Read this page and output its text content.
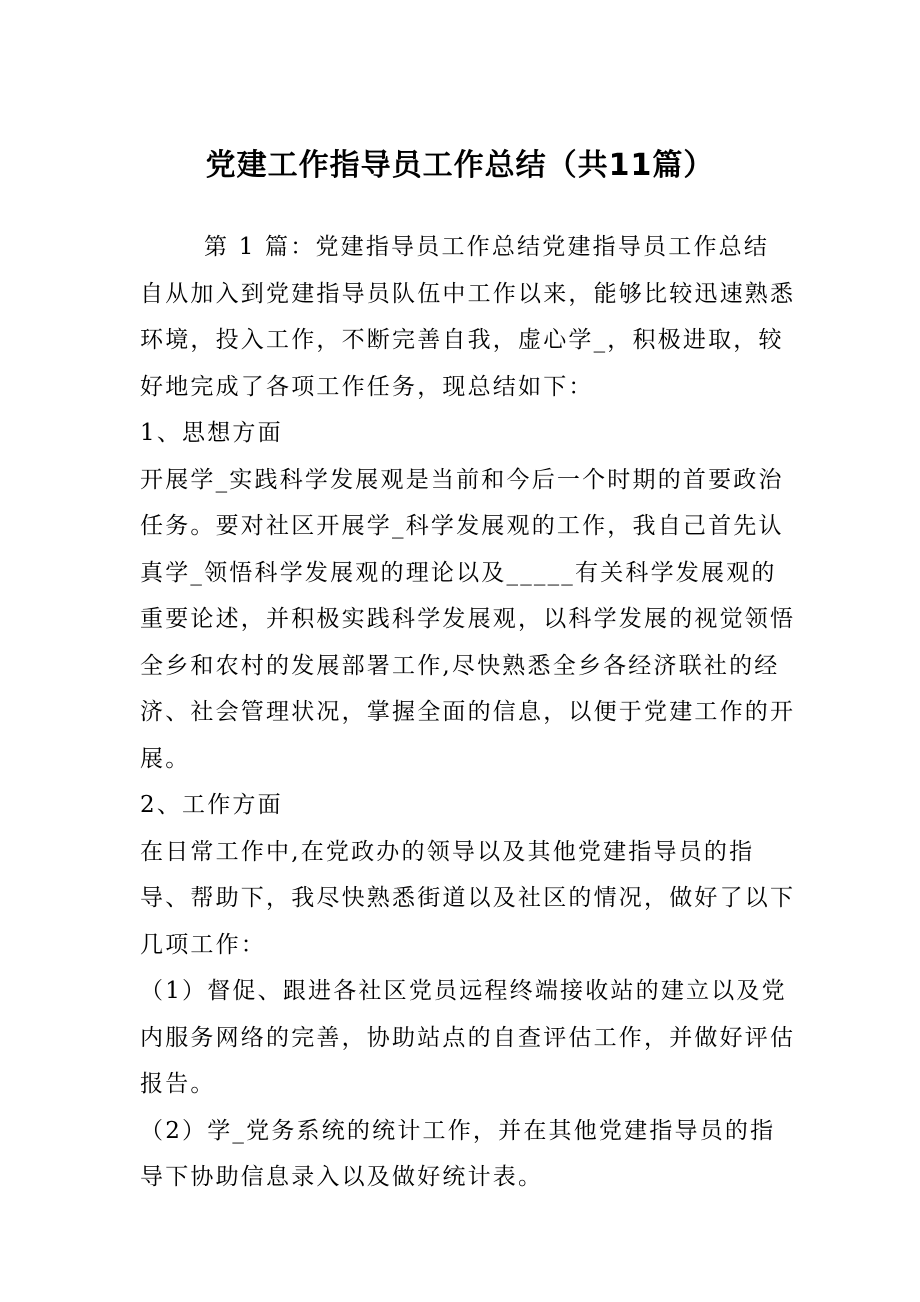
党建工作指导员工作总结（共11篇）

第 1 篇：党建指导员工作总结党建指导员工作总结

自从加入到党建指导员队伍中工作以来，能够比较迅速熟悉环境，投入工作，不断完善自我，虚心学_，积极进取，较好地完成了各项工作任务，现总结如下：

1、思想方面

开展学_实践科学发展观是当前和今后一个时期的首要政治任务。要对社区开展学_科学发展观的工作，我自己首先认真学_领悟科学发展观的理论以及_____有关科学发展观的重要论述，并积极实践科学发展观，以科学发展的视觉领悟全乡和农村的发展部署工作,尽快熟悉全乡各经济联社的经济、社会管理状况，掌握全面的信息，以便于党建工作的开展。

2、工作方面

在日常工作中,在党政办的领导以及其他党建指导员的指导、帮助下，我尽快熟悉街道以及社区的情况，做好了以下几项工作：

（1）督促、跟进各社区党员远程终端接收站的建立以及党内服务网络的完善，协助站点的自查评估工作，并做好评估报告。

（2）学_党务系统的统计工作，并在其他党建指导员的指导下协助信息录入以及做好统计表。
